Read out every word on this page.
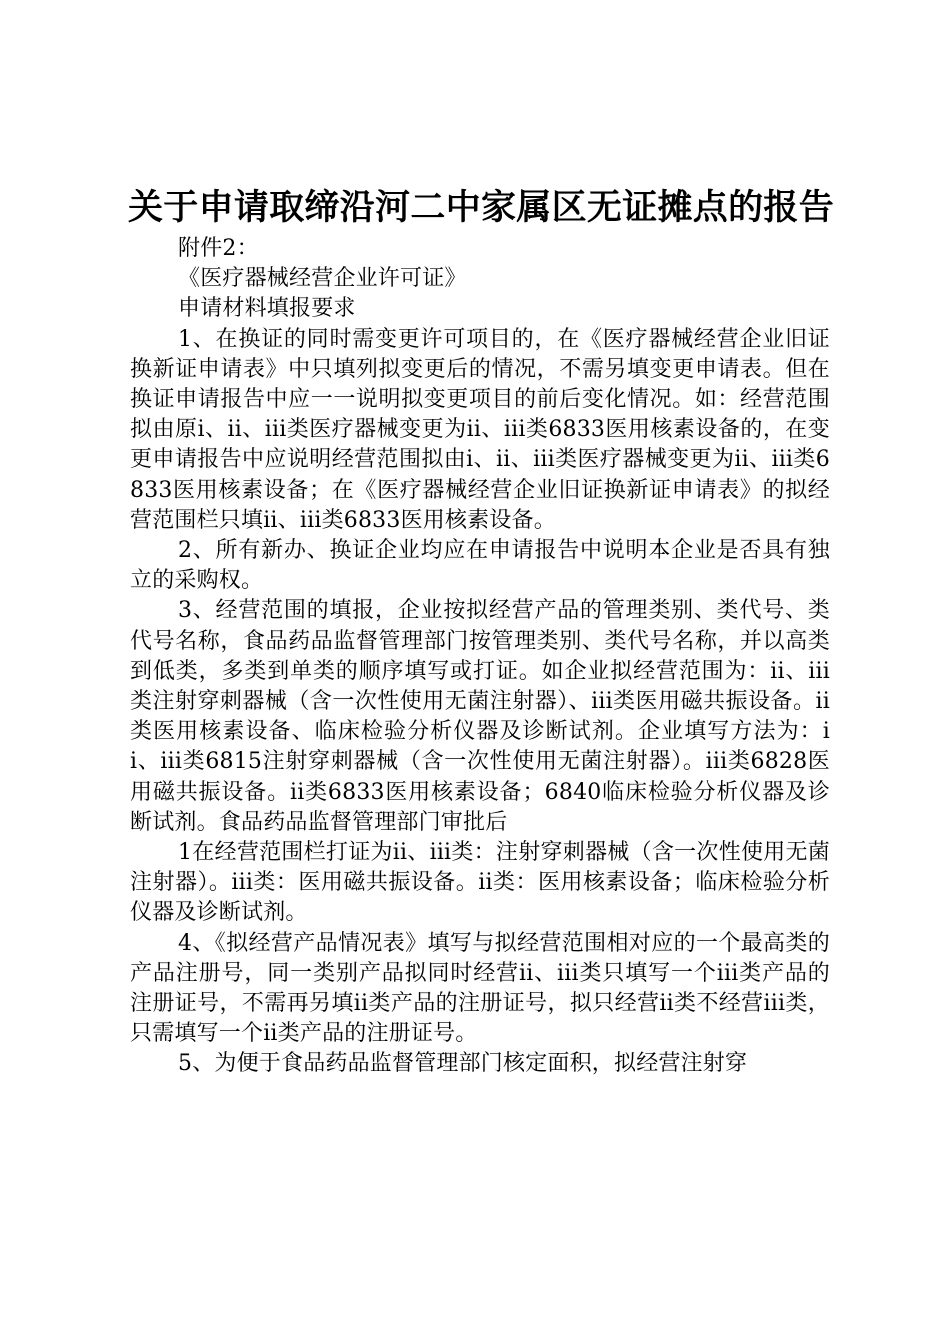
关于申请取缔沿河二中家属区无证摊点的报告

附件2：

《医疗器械经营企业许可证》

申请材料填报要求

1、在换证的同时需变更许可项目的，在《医疗器械经营企业旧证换新证申请表》中只填列拟变更后的情况，不需另填变更申请表。但在换证申请报告中应一一说明拟变更项目的前后变化情况。如：经营范围拟由原i、ii、iii类医疗器械变更为ii、iii类6833医用核素设备的，在变更申请报告中应说明经营范围拟由i、ii、iii类医疗器械变更为ii、iii类6833医用核素设备；在《医疗器械经营企业旧证换新证申请表》的拟经营范围栏只填ii、iii类6833医用核素设备。

2、所有新办、换证企业均应在申请报告中说明本企业是否具有独立的采购权。

3、经营范围的填报，企业按拟经营产品的管理类别、类代号、类代号名称，食品药品监督管理部门按管理类别、类代号名称，并以高类到低类，多类到单类的顺序填写或打证。如企业拟经营范围为：ii、iii类注射穿刺器械（含一次性使用无菌注射器）、iii类医用磁共振设备。ii类医用核素设备、临床检验分析仪器及诊断试剂。企业填写方法为：ii、iii类6815注射穿刺器械（含一次性使用无菌注射器）。iii类6828医用磁共振设备。ii类6833医用核素设备；6840临床检验分析仪器及诊断试剂。食品药品监督管理部门审批后

1在经营范围栏打证为ii、iii类：注射穿刺器械（含一次性使用无菌注射器）。iii类：医用磁共振设备。ii类：医用核素设备；临床检验分析仪器及诊断试剂。

4、《拟经营产品情况表》填写与拟经营范围相对应的一个最高类的产品注册号，同一类别产品拟同时经营ii、iii类只填写一个iii类产品的注册证号，不需再另填ii类产品的注册证号，拟只经营ii类不经营iii类，只需填写一个ii类产品的注册证号。

5、为便于食品药品监督管理部门核定面积，拟经营注射穿
